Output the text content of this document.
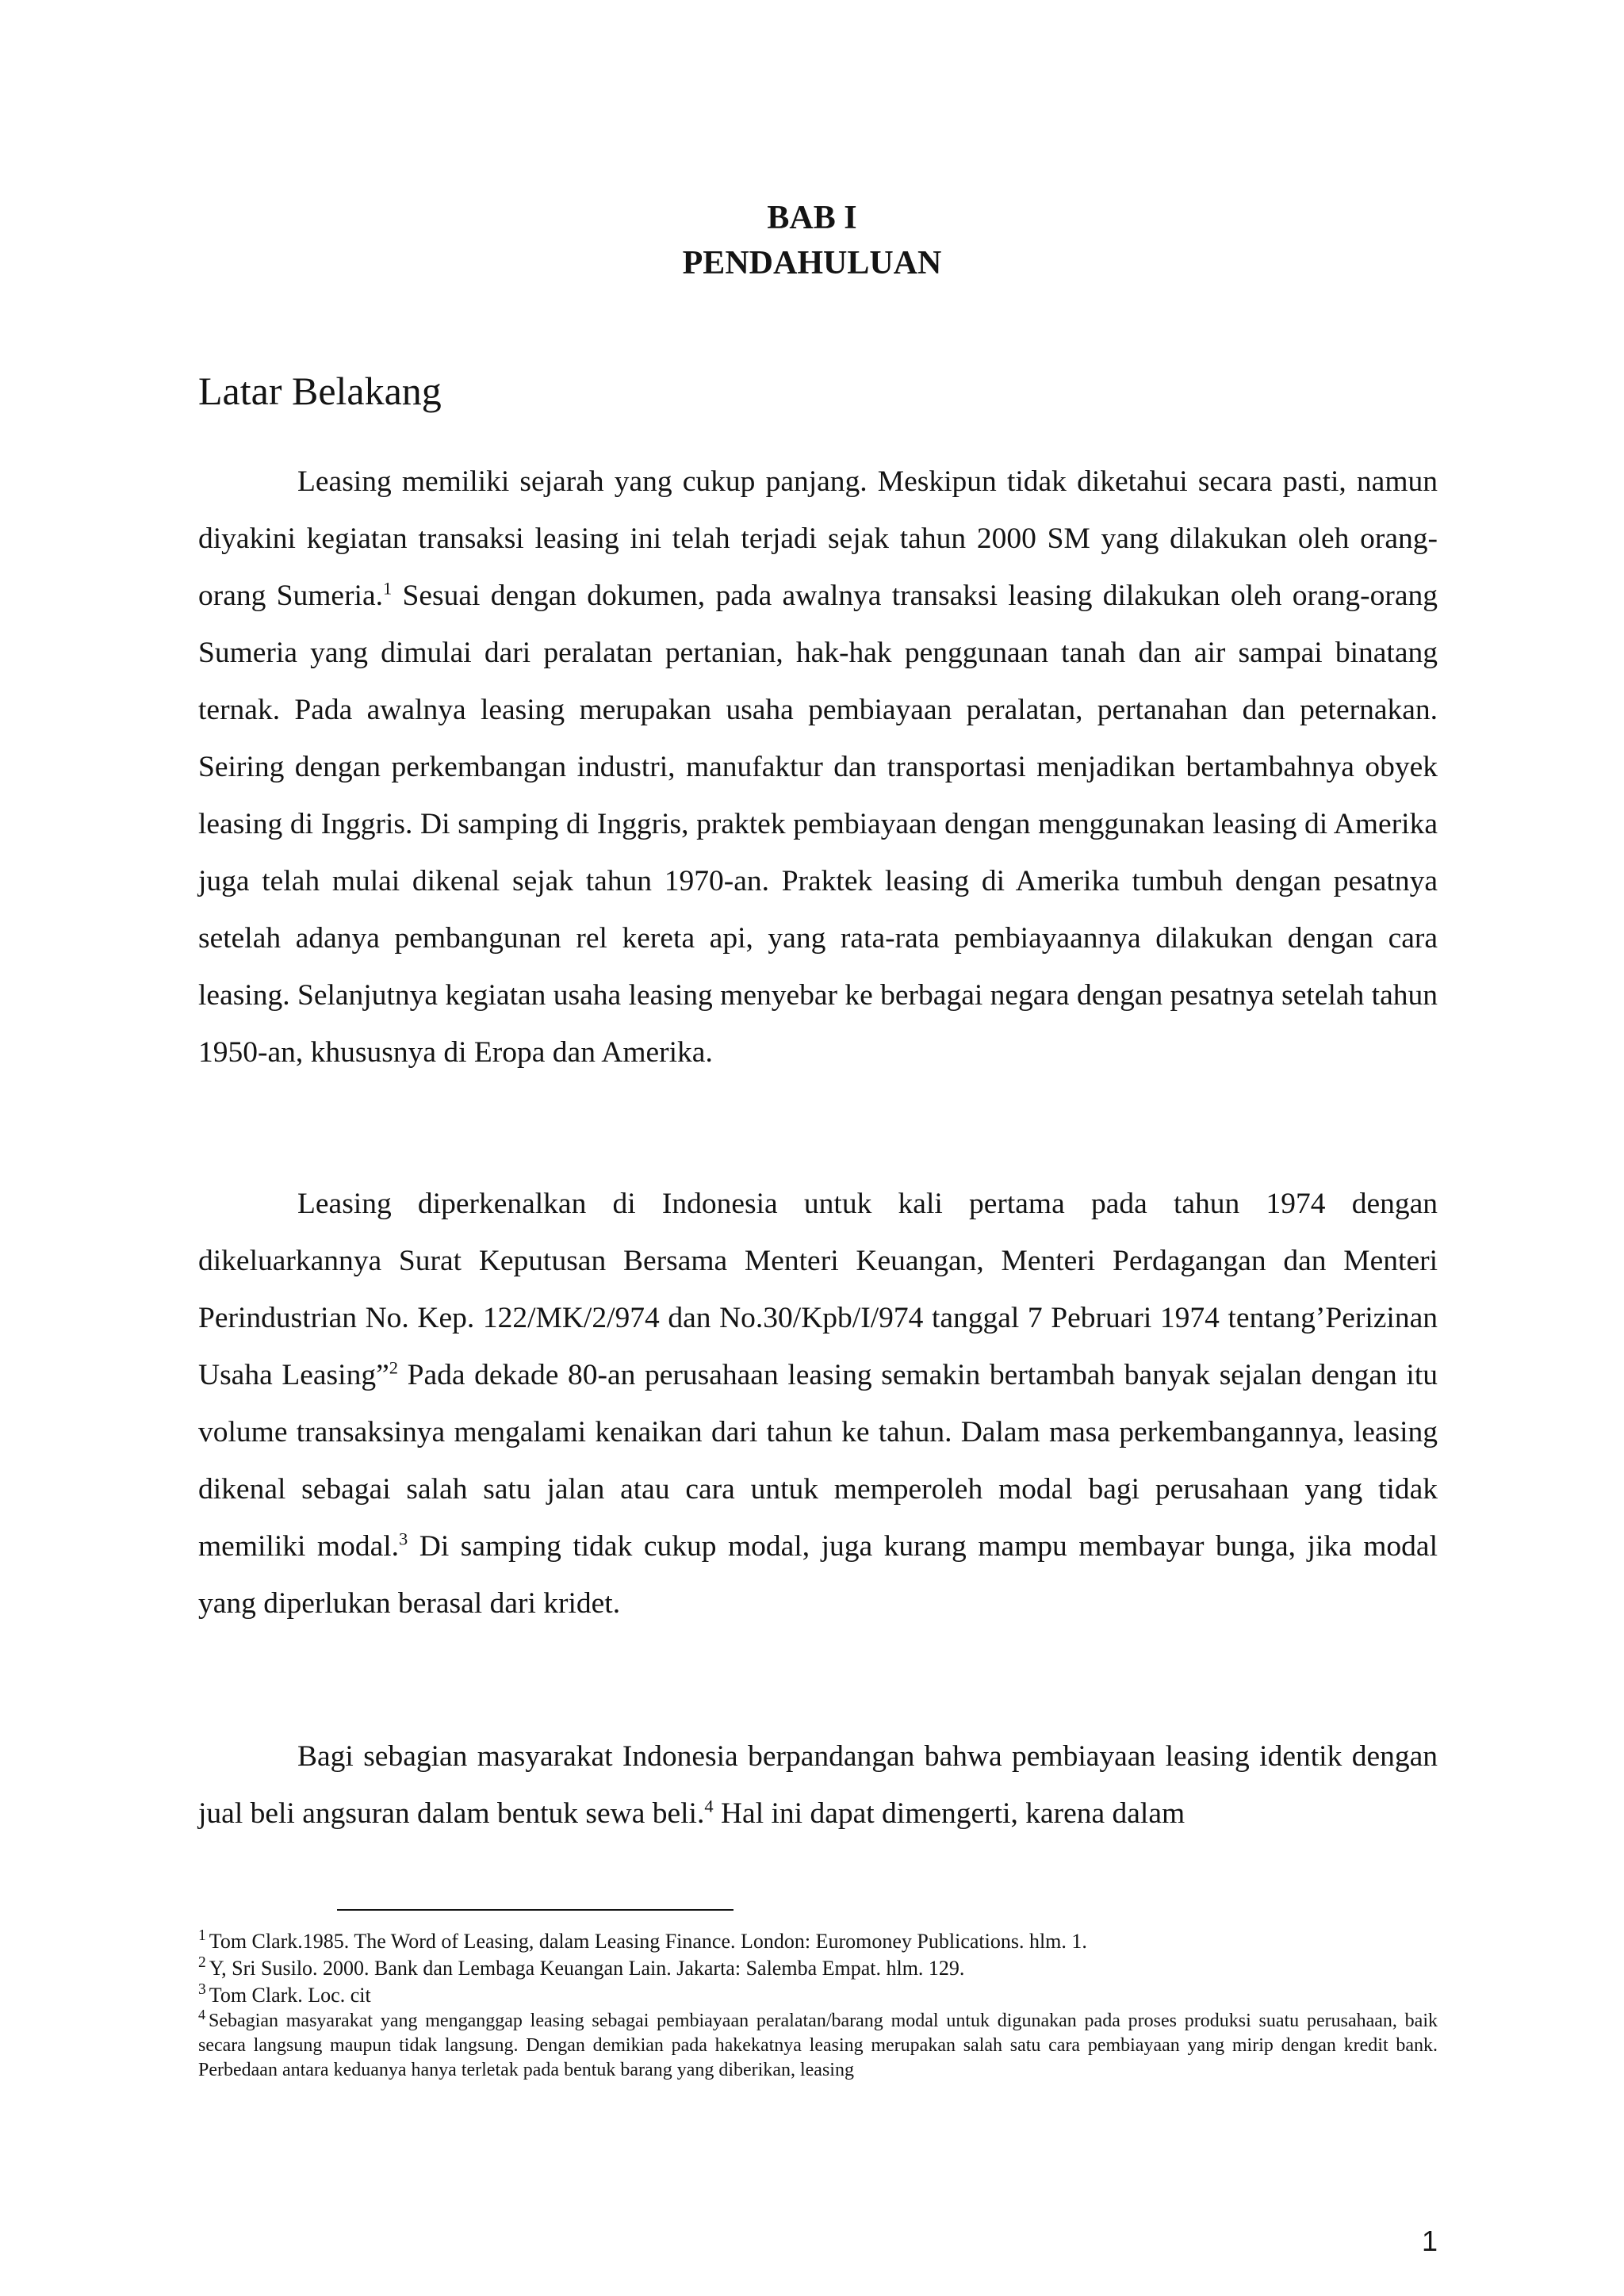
BAB I
PENDAHULUAN
Latar Belakang

Leasing memiliki sejarah yang cukup panjang. Meskipun tidak diketahui secara pasti, namun diyakini kegiatan transaksi leasing ini telah terjadi sejak tahun 2000 SM yang dilakukan oleh orang-orang Sumeria.$^1$ Sesuai dengan dokumen, pada awalnya transaksi leasing dilakukan oleh orang-orang Sumeria yang dimulai dari peralatan pertanian, hak-hak penggunaan tanah dan air sampai binatang ternak. Pada awalnya leasing merupakan usaha pembiayaan peralatan, pertanahan dan peternakan. Seiring dengan perkembangan industri, manufaktur dan transportasi menjadikan bertambahnya obyek leasing di Inggris. Di samping di Inggris, praktek pembiayaan dengan menggunakan leasing di Amerika juga telah mulai dikenal sejak tahun 1970-an. Praktek leasing di Amerika tumbuh dengan pesatnya setelah adanya pembangunan rel kereta api, yang rata-rata pembiayaannya dilakukan dengan cara leasing. Selanjutnya kegiatan usaha leasing menyebar ke berbagai negara dengan pesatnya setelah tahun 1950-an, khususnya di Eropa dan Amerika.

Leasing diperkenalkan di Indonesia untuk kali pertama pada tahun 1974 dengan dikeluarkannya Surat Keputusan Bersama Menteri Keuangan, Menteri Perdagangan dan Menteri Perindustrian No. Kep. 122/MK/2/974 dan No.30/Kpb/I/974 tanggal 7 Pebruari 1974 tentang’Perizinan Usaha Leasing”$^2$ Pada dekade 80-an perusahaan leasing semakin bertambah banyak sejalan dengan itu volume transaksinya mengalami kenaikan dari tahun ke tahun. Dalam masa perkembangannya, leasing dikenal sebagai salah satu jalan atau cara untuk memperoleh modal bagi perusahaan yang tidak memiliki modal.$^3$ Di samping tidak cukup modal, juga kurang mampu membayar bunga, jika modal yang diperlukan berasal dari kridet.

Bagi sebagian masyarakat Indonesia berpandangan bahwa pembiayaan leasing identik dengan jual beli angsuran dalam bentuk sewa beli.$^4$ Hal ini dapat dimengerti, karena dalam

$^1$ Tom Clark.1985. The Word of Leasing, dalam Leasing Finance. London: Euromoney Publications. hlm. 1.

$^2$ Y, Sri Susilo. 2000. Bank dan Lembaga Keuangan Lain. Jakarta: Salemba Empat. hlm. 129.

$^3$ Tom Clark. Loc. cit

$^4$ Sebagian masyarakat yang menganggap leasing sebagai pembiayaan peralatan/barang modal untuk digunakan pada proses produksi suatu perusahaan, baik secara langsung maupun tidak langsung. Dengan demikian pada hakekatnya leasing merupakan salah satu cara pembiayaan yang mirip dengan kredit bank. Perbedaan antara keduanya hanya terletak pada bentuk barang yang diberikan, leasing

1
